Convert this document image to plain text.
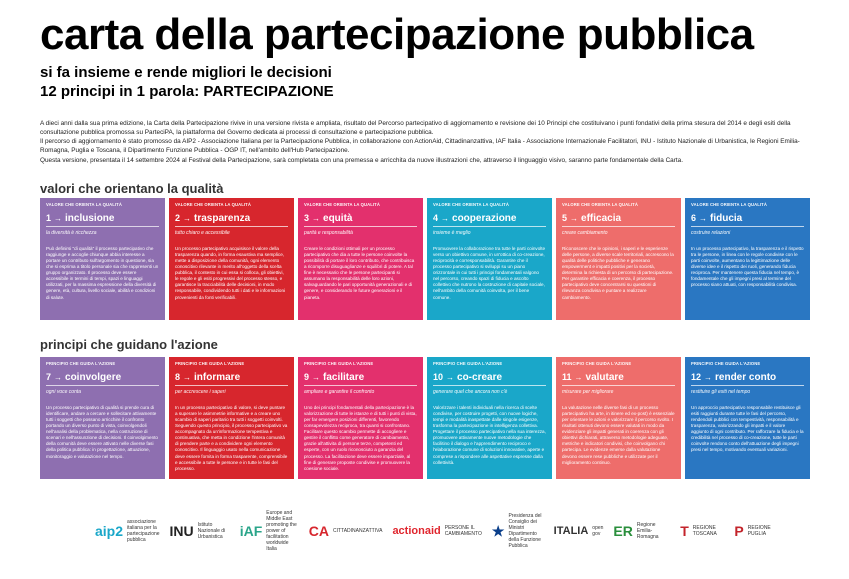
carta della partecipazione pubblica
si fa insieme e rende migliori le decisioni
12 principi in 1 parola: PARTECIPAZIONE

A dieci anni dalla sua prima edizione, la Carta della Partecipazione rivive in una versione rivista e ampliata, risultato del Percorso partecipativo di aggiornamento e revisione dei 10 Principi che costituivano i punti fondativi della prima stesura del 2014 e degli esiti della consultazione pubblica promossa su ParteciPA, la piattaforma del Governo dedicata ai processi di consultazione e partecipazione pubblica.

Il percorso di aggiornamento è stato promosso da AIP2 - Associazione Italiana per la Partecipazione Pubblica, in collaborazione con ActionAid, Cittadinanzattiva, IAF Italia - Associazione Internazionale Facilitatori, INU - Istituto Nazionale di Urbanistica, le Regioni Emilia-Romagna, Puglia e Toscana, il Dipartimento Funzione Pubblica - OGP IT, nell'ambito dell'Hub Partecipazione.

Questa versione, presentata il 14 settembre 2024 al Festival della Partecipazione, sarà completata con una premessa e arricchita da nuove illustrazioni che, attraverso il linguaggio visivo, saranno parte fondamentale della Carta.

valori che orientano la qualità
VALORE CHE ORIENTA LA QUALITÀ
1 → inclusione
la diversità è ricchezza
Può definirsi "di qualità" il processo partecipativo che raggiunge e accoglie chiunque abbia interesse a portare un contributo sull'argomento in questione, sia che si esprima a titolo personale sia che rappresenti un gruppo organizzato. Il processo deve essere accessibile in termini di tempi, spazi e linguaggi utilizzati, per la massima espressione della diversità di genere, età, cultura, livello sociale, abilità e condizioni di salute.
VALORE CHE ORIENTA LA QUALITÀ
2 → trasparenza
tutto chiaro e accessibile
Un processo partecipativo acquisisce il valore della trasparenza quando, in forma esaustiva ma semplice, mette a disposizione della comunità, ogni elemento conoscitivo rilevante in merito all'oggetto della scelta pubblica, il contesto in cui essa si colloca, gli obiettivi, le regole e gli esiti progressivi del processo stesso, e garantisce la tracciabilità delle decisioni, in modo responsabile, condividendo tutti i dati e le informazioni provenienti da fonti verificabili.
VALORE CHE ORIENTA LA QUALITÀ
3 → equità
parità e responsabilità
Creare le condizioni ottimali per un processo partecipativo che dia a tutte le persone coinvolte la possibilità di portare il loro contributo, che contribuisca a ricomporre disuguaglianze e squilibri di potere. A tal fine è necessario che le persone partecipanti si assumano la responsabilità delle loro azioni, salvaguardando le pari opportunità generazionali e di genere, e considerando le future generazioni e il pianeta.
VALORE CHE ORIENTA LA QUALITÀ
4 → cooperazione
insieme è meglio
Promuovere la collaborazione tra tutte le parti coinvolte verso un obiettivo comune, in un'ottica di co-creazione, reciprocità e corresponsabilità. Garantire che il processo partecipativo si sviluppi su un piano orizzontale in cui tutti i principi fondamentali valgono nel percorso, creando spazi di fiducia e ascolto collettivo che nutrono la costruzione di capitale sociale, nell'ambito della comunità coinvolta, per il bene comune.
VALORE CHE ORIENTA LA QUALITÀ
5 → efficacia
creare cambiamento
Riconoscere che le opinioni, i saperi e le esperienze delle persone, a diverse scale territoriali, accrescono la qualità delle politiche pubbliche e generano empowerment e impatti positivi per la società, determina la richiesta di un percorso di partecipazione. Per garantire efficacia e coerenza, il processo partecipativo deve concentrarsi su questioni di rilevanza condivisa e puntare a realizzare cambiamento.
VALORE CHE ORIENTA LA QUALITÀ
6 → fiducia
costruire relazioni
In un processo partecipativo, la trasparenza e il rispetto tra le persone, in linea con le regole condivise con le parti coinvolte, aumentano la legittimazione delle diverse idee e il rispetto dei ruoli, generando fiducia reciproca. Per mantenere questa fiducia nel tempo, è fondamentale che gli impegni presi al termine del processo siano attuati, con responsabilità condivisa.
principi che guidano l'azione
PRINCIPIO CHE GUIDA L'AZIONE
7 → coinvolgere
ogni voce conta
Un processo partecipativo di qualità si prende cura di identificare, andare a cercare e sollecitare attivamente tutti i soggetti che possano arricchire il confronto portando un diverso punto di vista, coinvolgendoli nell'analisi della problematica, nella costruzione di scenari e nell'assunzione di decisioni. Il coinvolgimento della comunità deve essere attivato nelle diverse fasi della politica pubblica: in progettazione, attuazione, monitoraggio e valutazione nel tempo.
PRINCIPIO CHE GUIDA L'AZIONE
8 → informare
per accrescere i saperi
In un processo partecipativo di valore, si deve puntare a superare le asimmetrie informative e a creare uno scambio di saperi paritario tra tutti i soggetti coinvolti. Seguendo questo principio, il processo partecipativo va accompagnato da un'informazione tempestiva e continuativa, che metta in condizione l'intera comunità di prendere parte e a condividere ogni elemento conoscitivo. Il linguaggio usato nella comunicazione deve essere fornita in forma trasparente, comprensibile e accessibile a tutte le persone e in tutte le fasi del processo.
PRINCIPIO CHE GUIDA L'AZIONE
9 → facilitare
ampliare e garantire il confronto
Uno dei principi fondamentali della partecipazione è la valorizzazione di tutte le istanze e di tutti i punti di vista, per far emergere posizioni differenti, favorendo consapevolezza reciproca, tra quanti si confrontano. Facilitare questo scambio permette di accogliere e gestire il conflitto come generatore di cambiamento, grazie all'attivita di persone terze, competenti ed esperte, con un ruolo riconosciuto a garanzia del processo. La facilitazione deve essere imparziale, al fine di generare proposte condivise e promuovere la coesione sociale.
PRINCIPIO CHE GUIDA L'AZIONE
10 → co-creare
generare quel che ancora non c'è
Valorizzare i talenti individuali nella ricerca di scelte condivise, per costruire progetti, con nuove logiche, tempi e modalità inaspettate dalle singole esigenze, trasforma la partecipazione in intelligenza collettiva. Progettare il processo partecipativo nella sua interezza, promuovere attivamente nuove metodologie che facilitino il dialogo e l'apprendimento reciproco e l'elaborazione comune di soluzioni innovative, aperte e comprese a rispondere alle aspettative espresse dalla collettività.
PRINCIPIO CHE GUIDA L'AZIONE
11 → valutare
misurare per migliorare
La valutazione nelle diverse fasi di un processo partecipativo ha arte, in itinere ed ex-post) è essenziale per orientare le azioni e valorizzare il percorso svolto. I risultati ottenuti devono essere valutati in modo da evidenziare gli impatti generati in coerenza con gli obiettivi dichiarati, attraverso metodologie adeguate, metriche e indicatori condivisi, che coinvolgano chi partecipa. Le evidenze emerse dalla valutazione devono essere rese pubbliche e utilizzate per il miglioramento continuo.
PRINCIPIO CHE GUIDA L'AZIONE
12 → render conto
restituire gli esiti nel tempo
Un approccio partecipativo responsabile restituisce gli esiti raggiunti durante tutte le fasi del percorso, rendendoli pubblici con tempestività, responsabilità e trasparenza, valorizzando gli impatti e il valore aggiunto di ogni contributo. Per rafforzare la fiducia e la credibilità nel processo di co-creazione, tutte le parti coinvolte rendono conto dell'attuazione degli impegni presi nel tempo, motivando eventuali variazioni.
aip2
associazione italiana per la partecipazione pubblica
INU Istituto Nazionale di Urbanistica	iAF
Europe and Middle East promoting the power of facilitation worldwide Italia
CA CITTADINANZATTIVA actionaid PERSONE IL CAMBIAMENTO ★
Presidenza del Consiglio dei Ministri Dipartimento della Funzione Pubblica
ITALIA open gov ER Regione Emilia-Romagna	T REGIONE TOSCANA	P REGIONE PUGLIA
